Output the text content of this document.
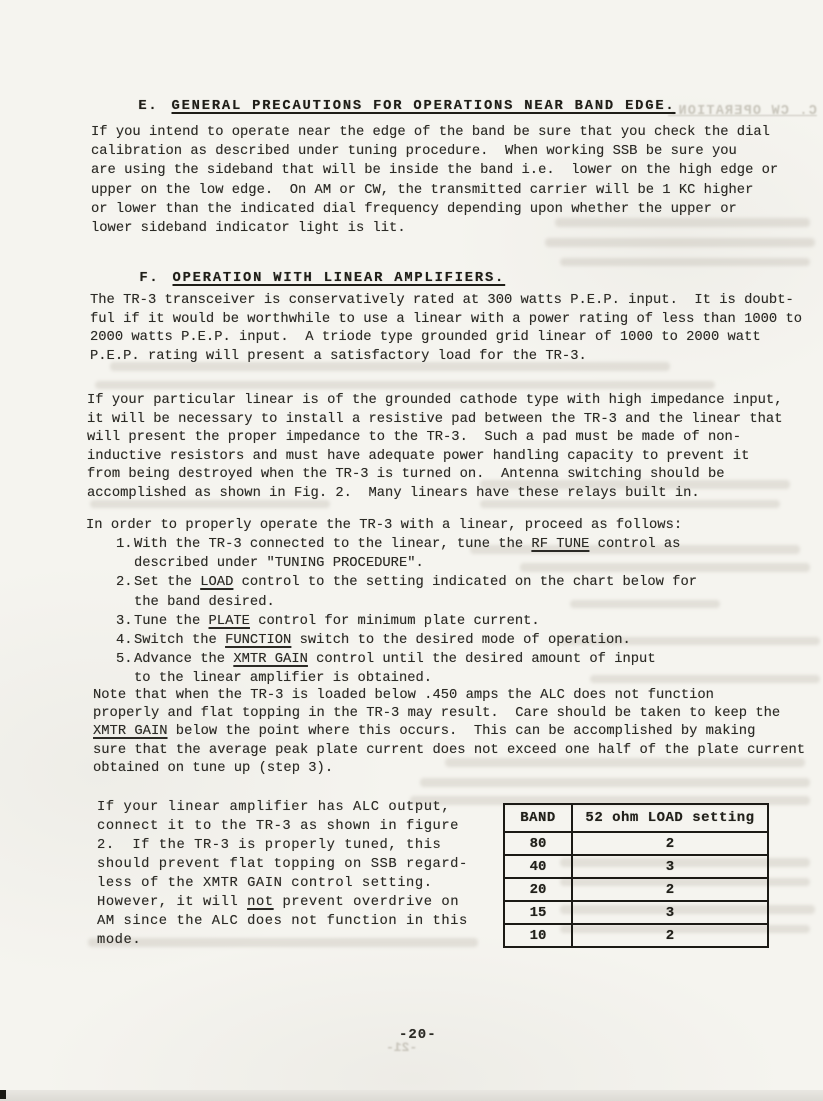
C. CW OPERATION.
-21-

E. GENERAL PRECAUTIONS FOR OPERATIONS NEAR BAND EDGE.

If you intend to operate near the edge of the band be sure that you check the dial
calibration as described under tuning procedure.  When working SSB be sure you
are using the sideband that will be inside the band i.e.  lower on the high edge or
upper on the low edge.  On AM or CW, the transmitted carrier will be 1 KC higher
or lower than the indicated dial frequency depending upon whether the upper or
lower sideband indicator light is lit.

F. OPERATION WITH LINEAR AMPLIFIERS.

The TR-3 transceiver is conservatively rated at 300 watts P.E.P. input.  It is doubt-
ful if it would be worthwhile to use a linear with a power rating of less than 1000 to
2000 watts P.E.P. input.  A triode type grounded grid linear of 1000 to 2000 watt
P.E.P. rating will present a satisfactory load for the TR-3.
If your particular linear is of the grounded cathode type with high impedance input,
it will be necessary to install a resistive pad between the TR-3 and the linear that
will present the proper impedance to the TR-3.  Such a pad must be made of non-
inductive resistors and must have adequate power handling capacity to prevent it
from being destroyed when the TR-3 is turned on.  Antenna switching should be
accomplished as shown in Fig. 2.  Many linears have these relays built in.
In order to properly operate the TR-3 with a linear, proceed as follows:
1. With the TR-3 connected to the linear, tune the RF TUNE control as
described under "TUNING PROCEDURE".
2. Set the LOAD control to the setting indicated on the chart below for
the band desired.
3. Tune the PLATE control for minimum plate current.
4. Switch the FUNCTION switch to the desired mode of operation.
5. Advance the XMTR GAIN control until the desired amount of input
to the linear amplifier is obtained.
Note that when the TR-3 is loaded below .450 amps the ALC does not function
properly and flat topping in the TR-3 may result.  Care should be taken to keep the
XMTR GAIN below the point where this occurs.  This can be accomplished by making
sure that the average peak plate current does not exceed one half of the plate current
obtained on tune up (step 3).
If your linear amplifier has ALC output,
connect it to the TR-3 as shown in figure
2.  If the TR-3 is properly tuned, this
should prevent flat topping on SSB regard-
less of the XMTR GAIN control setting.
However, it will not prevent overdrive on
AM since the ALC does not function in this
mode.
BAND	52 ohm LOAD setting
80	2
40	3
20	2
15	3
10	2
-20-
